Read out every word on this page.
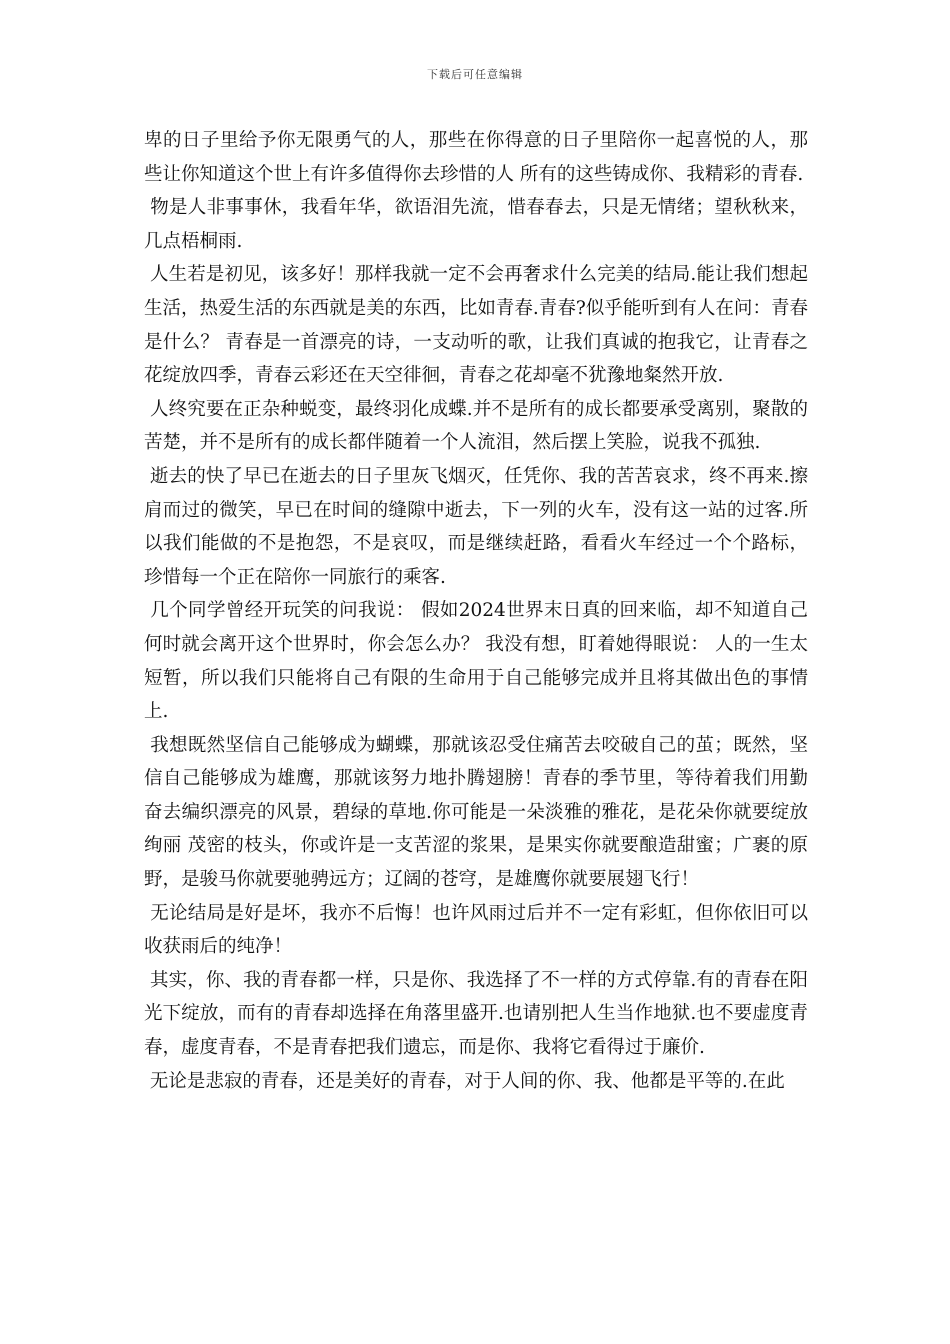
下载后可任意编辑

卑的日子里给予你无限勇气的人，那些在你得意的日子里陪你一起喜悦的人，那些让你知道这个世上有许多值得你去珍惜的人 所有的这些铸成你、我精彩的青春.

物是人非事事休，我看年华，欲语泪先流，惜春春去，只是无情绪；望秋秋来，几点梧桐雨.

人生若是初见，该多好！那样我就一定不会再奢求什么完美的结局.能让我们想起生活，热爱生活的东西就是美的东西，比如青春.青春?似乎能听到有人在问：青春是什么？ 青春是一首漂亮的诗，一支动听的歌，让我们真诚的抱我它，让青春之花绽放四季，青春云彩还在天空徘徊，青春之花却毫不犹豫地粲然开放.

人终究要在正杂种蜕变，最终羽化成蝶.并不是所有的成长都要承受离别，聚散的苦楚，并不是所有的成长都伴随着一个人流泪，然后摆上笑脸，说我不孤独.

逝去的快了早已在逝去的日子里灰飞烟灭，任凭你、我的苦苦哀求，终不再来.擦肩而过的微笑，早已在时间的缝隙中逝去，下一列的火车，没有这一站的过客.所以我们能做的不是抱怨，不是哀叹，而是继续赶路，看看火车经过一个个路标，珍惜每一个正在陪你一同旅行的乘客.

几个同学曾经开玩笑的问我说： 假如2024世界末日真的回来临，却不知道自己何时就会离开这个世界时，你会怎么办？ 我没有想，盯着她得眼说： 人的一生太短暂，所以我们只能将自己有限的生命用于自己能够完成并且将其做出色的事情上.

我想既然坚信自己能够成为蝴蝶，那就该忍受住痛苦去咬破自己的茧；既然，坚信自己能够成为雄鹰，那就该努力地扑腾翅膀！青春的季节里，等待着我们用勤奋去编织漂亮的风景，碧绿的草地.你可能是一朵淡雅的雅花，是花朵你就要绽放绚丽 茂密的枝头，你或许是一支苦涩的浆果，是果实你就要酿造甜蜜；广裹的原野，是骏马你就要驰骋远方；辽阔的苍穹，是雄鹰你就要展翅飞行！

无论结局是好是坏，我亦不后悔！也许风雨过后并不一定有彩虹，但你依旧可以收获雨后的纯净！

其实，你、我的青春都一样，只是你、我选择了不一样的方式停靠.有的青春在阳光下绽放，而有的青春却选择在角落里盛开.也请别把人生当作地狱.也不要虚度青春，虚度青春，不是青春把我们遗忘，而是你、我将它看得过于廉价.

无论是悲寂的青春，还是美好的青春，对于人间的你、我、他都是平等的.在此
